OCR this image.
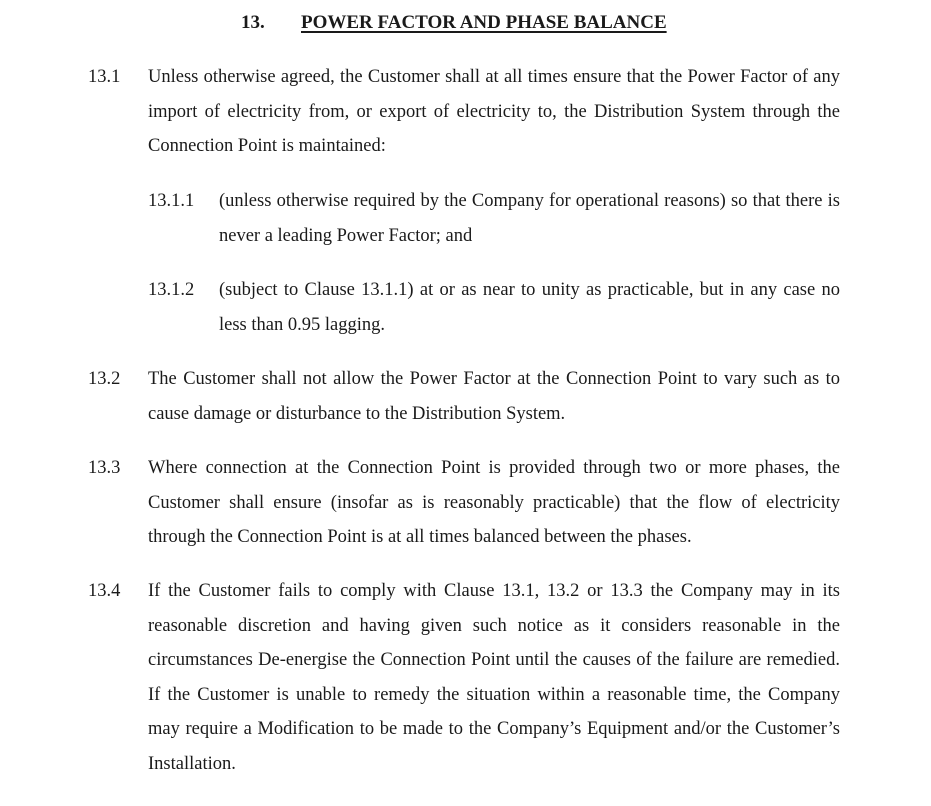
13. POWER FACTOR AND PHASE BALANCE
13.1 Unless otherwise agreed, the Customer shall at all times ensure that the Power Factor of any import of electricity from, or export of electricity to, the Distribution System through the Connection Point is maintained:
13.1.1 (unless otherwise required by the Company for operational reasons) so that there is never a leading Power Factor; and
13.1.2 (subject to Clause 13.1.1) at or as near to unity as practicable, but in any case no less than 0.95 lagging.
13.2 The Customer shall not allow the Power Factor at the Connection Point to vary such as to cause damage or disturbance to the Distribution System.
13.3 Where connection at the Connection Point is provided through two or more phases, the Customer shall ensure (insofar as is reasonably practicable) that the flow of electricity through the Connection Point is at all times balanced between the phases.
13.4 If the Customer fails to comply with Clause 13.1, 13.2 or 13.3 the Company may in its reasonable discretion and having given such notice as it considers reasonable in the circumstances De-energise the Connection Point until the causes of the failure are remedied. If the Customer is unable to remedy the situation within a reasonable time, the Company may require a Modification to be made to the Company’s Equipment and/or the Customer’s Installation.
